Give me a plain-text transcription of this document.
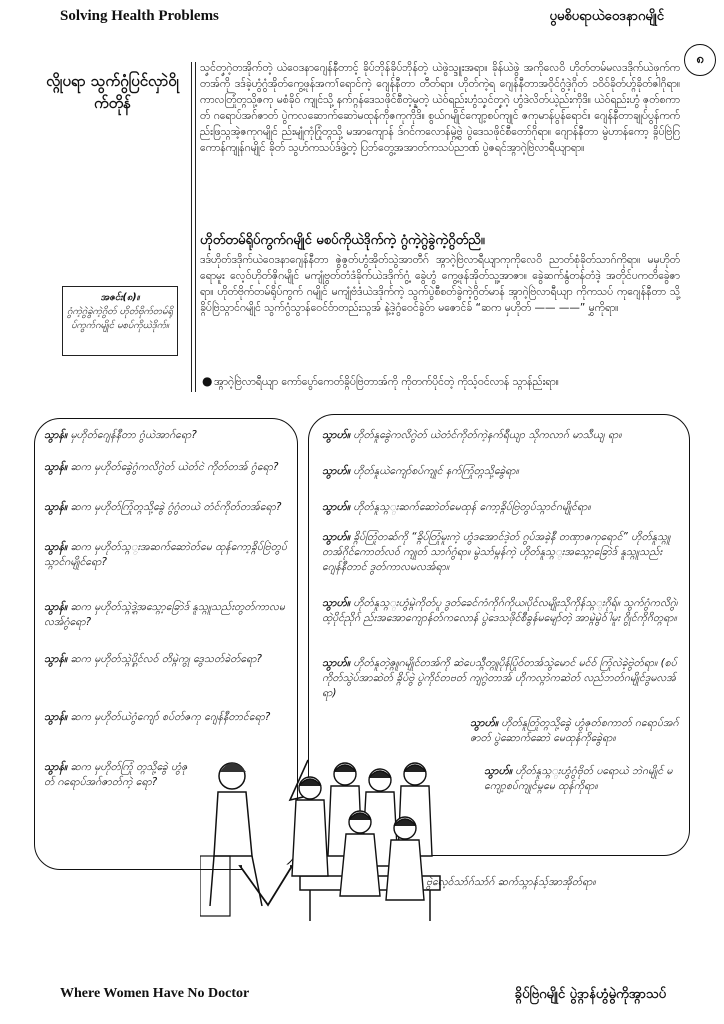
Solving Health Problems	ပွမစိပရာယဲ၀ေဒနာဂမျိုင်
၈
လ္ဂိုပရာ သွက်ဂွံပြင်လှာဲ၀ိုက်တိုန်
သၞင်တၞဂဲ့တအိုက်တဲ့ ယဲဝေဒနာဂျေန်နီတာင့် ခိုပ်ဘိုန်ခိုပ်ဘိုန်တဲ့ ယဲဖွဲသ္ဒူးအရာ။ ခိုန်ယဲဖွဲ အကိုလေဝိ ဟိုတ်တမ်မလဒဒိုက်ယဲဖုက်ကတအ်ကို ဒဒ်ခဲ့ဟွံဂွံအိုတ်ကွေ့ဖုန်အကၢ်ရောင်ကဲ့ ဂျေန်နီတာ တီတ်ရာ။ ဟိုတ်ကဲ့ရ ဂျေန်နီတာအဝိုင်ဂွံဒဲ့ဂိုတ် ၁ဝိဝ်ခိုတ်ဟ္ဂ်ခိုတ်ဇါဂိုရာ။ ကာလတြုံတ္ဂသို့ဇကု မစံခိုဝ် ကျုင်သို့ နက်ဂ္ဂန်ဒေသဖိုင်စီတဲ့မ္နတဲ့ ယဲဝ်ရည်းဟွံသၞင်တၞဂဲ့ ဟွံဒဲလိတ်ယဲ့ည်းကိုဒိ။ ယဲဝ်ရည်းဟွံ ဇုတ်စကာတ် ဂရောပ်အဂ်ဇာတ် ပွဲကလဆောက်ဆောဲမထုန်ကိုဇကုကိုဒိ။ စွယ်ဂမျိုင်ကျော့စပ်ကျုင် ဇကုမာန်ပွန်ရောင်။ ဂျေန်နီတာချုပ်ပွန်ကက် ည်းဖြသ္ဂအဲ့ဇကုဂမျိုင် ည်းမျုံကုံဂြုံတ္ဂသို့ မအာကျောန် ဒ်ဂင်ကလောန်မ္ဂဲ့ဗွဲ ပွဲဒေသဖိုင်စီတော်ဂိုရာ။ ဂျောန်နီတာ မွဲဟာန်ကော့ ခ္ဂိပ်ဗြဲဂြကောန်ကျုန်ဂမျိုင် ခိုတ် သွဟ်ကသပ်ဒ်ဖွဲ့တဲ့ ပြဘ်တွေ့အအာတ်ကသပ်ညာဏ် ပွဲဇရင်အ္ဂာဂဲ့ဗြဲလာရီယျာရာ။
ဟိုတ်တမ်ရိုပ်ကွက်ဂမျိုင် မစပ်ကိုယဲဒိုက်ကဲ့ ဂွံကဲ့ဂွဲခွဲကဲ့ဂွိတ်ညိ။
ဒဒ်ဟိုတ်ဒဒိုက်ယဲဝေဒနာဂျေန်နီတာ ဇွဲဇွတ်ဟွံအိုတ်သွဲအာတီဂ် အ္ဂာဂဲ့ဗြဲလာရီယျာကုကိုလေဝိ ညာတ်စုံခိုတ်သာဂ်ကိုရာ။ မမှဟိုတ်ရောမူး လေ့ဝ်ဟိုတ်ဇိုဂမျိုင် မကျုံဗွတ်တံဒံခိုက်ယဲဒဒိုက်ဂွံ့ ခွေဲဟွံ ကွေ့ဖုန်အိုတ်သူ့အာဇာ။ ခွေဲဆက်နွံတန်တံဒဲ့ အတိုင်ပကတိခွေဲဇာရာ။ ဟိုတ်ဗိုက်တမ်ရိုပ်ကွက် ဂမျိုင် မကျုံဗံဒံယဲဒဒိုက်ကဲ့ သွက်ပွဲစီစတ်ခွဲကဲ့ဂွိတ်မာန် အ္ဂာဂဲ့ဗြဲလာရီယျာ ကိုကသပ် ကုဂျေန်နီတာ သို့ခ္ဂိပ်ဗြဲသ္ဂာင်ဂမျိုင် သွက်ဂွံသွာန်ဝေင်ဝ်ာတည်းသ္ဂအ် နဲ့ဒဲ့ဂွံဝေင်ခွဲဝ်ာ မဇောင်ခ် “ဆက မှဟိုတ် —— ——” မွှကိုရာ။
အဇင်း(၈)။
ဂွံကဲ့ဂွဲခွဲကဲ့ဂွိတ် ဟိုတ်ဗိုက်တမ်ရိုပ်ကွက်ဂမျိုင် မစပ်ကိုယဲဒိုက်။
● အ္ဂာဂဲ့ဗြဲလာရီယျာ ကော်ပွော်ကေတ်ခ္ဂိပ်ဗြဲတာအ်ကို ကိုတက်ပိုင်တဲ့ ကိုသ့်ဝင်လာန် သ္ဂာန်ည်းရာ။
သွာန်။ မှဟိုတ်ဂျေန်နီတာ ဂွံယဲအာဂ်ရော?
သွာန်။ ဆက မှဟိုတ်ခွေဲဂွံကလိဂွဲတ် ယဲတ်ငဲ ကိုတ်တအ် ဂွံရော?
သွာန်။ ဆက မှဟိုတ်ကြုံတ္ဂသို့ခွေဲ ဂွံဂွံတယဲ တံင်ကိုတ်တအ်ရော?
သွာန်။ ဆက မှဟိုတ်သ္ဂ္းအဆက်ဆောဲတ်မေ ထုန်ကော့ခ္ဂိပ်ဗြဲတွပ်သ္ဂာင်ဂမျိုင်ရော?
သွာန်။ ဆက မှဟိုတ်သ္ဂ္ဂဲဒဲ့အသ္ဂော့ခြောဲဒ် နူသ္ဂူသည်းတွတ်ကာလမလအ်ဂွံရော?
သွာန်။ ဆက မှဟိုတ်သ္ဂ္ဂဲပိုင်လဝ် တိမ္ဂဲကွု ဒွေသတ်ခဲတ်ရော?
သွာန်။ ဆက မှဟိုတ်ယဲဂွံကျော် စပ်တ်ဇကု ဂျေန်နီတာင်ရော?
သွာန်။ ဆက မှဟိုတ်ကြုံ တ္ဂသို့ခွေဲ ဟွံဇုတ် ဂရောပ်အဂ်ဇာတ်ကဲ့ ရော?
သွာဟ်။ ဟိုတ်နူခွေဲကလိဂွဲတ် ယဲတံင်ကိုတ်ကဲ့နက်ရီယျာ သိုကလာဂ် မာသီယျ ရာ။
သွာဟ်။ ဟိုတ်နူယဲကျော်စပ်ကျုင် နက်ကြုံတ္ဂသို့ခွေဲရာ။
သွာဟ်။ ဟိုတ်နူသ္ဂ္းဆက်ဆောဲတ်မေထုန် ကော့ခ္ဂိပ်ဗြဲတွပ်သ္ဂာင်ဂမျိုင်ရာ။
သွာဟ်။ ခ္ဂိပ်တြုံတဆ်ကို “ခ္ဂိပ်တြုံမူးကဲ့ ဟွံဒအောင်ဒဲ့တ် ဂွပ်အခဲ့နီ တဏှာဇကုရောင်” ဟိုတ်နူသ္ဂူတအ်ဂိုင်ကောတ်လဝ် ကျုတ် သာဂ်ဂွံရာ။ မွဲသာ်မ္ဂန်ကဲ့ ဟိုတ်နူသ္ဂ္းအသ္ဂော့ခြောဲဒ် နူသ္ဂူသည်း ဂျေန်နီတာင် ဒွတ်ကာလမလအ်ရာ။
သွာဟ်။ ဟိုတ်နူသ္ဂ္းဟွံမ္ဂဲကိုတ်ပူ ဒွတ်ခေင်ကံကိုဂ်ကိုယ၊ပိုင်လမျိုးသိုကိုန်သ္ဂ္းဂိုရ်။ သွက်ဂွံကလိဂွဲ၊ထဲ့ပိုင်ညိုဂ် ည်းအအောကျောန်တ်ကလောန် ပွဲဒေသဖိုင်စီခွန်မမျော်တဲ့ အာမ္ဂဲမွဲဝ်ါမူး ဂွိုင်ကိုဂိတ္ဂရာ။
သွာဟ်။ ဟိုတ်နူတဲ့ဇ္ဂူဂမျိုင်တအ်ကို ဆဲပေသ္ဂီတ္ဂူပိုန်ပြုံဝ်တအ်သွဲမောင် မင်ဝ် ကြုံလဲခဲ့ဗွဲတ်ရာ။ (စပ်ကိုတ်သွဲပ်အာဆဲတ် ခ္ဂိပ်ဗွဲ ပွဲကိုင်တဗတ် ကျဂွဲတာအ် ဟိုကလ္ဂာဲကဆဲတ် လည်ဘတ်ဂမျိုင်ဒွမလအ်ရာ)
သွာဟ်။ ဟိုတ်နူတြုံတ္ဂသို့ခွေဲ ဟွံဇုတ်စကာတ် ဂရောပ်အဂ်ဇာတ် ပွဲဆောက်ဆောဲ မေထုန်ကိုခွေဲရာ။
သွာဟ်။ ဟိုတ်နူသ္ဂ္းဟွံဂွံဗိုတ် ပရောယဲ ဘဲဂမျိုင် မကျော့စပ်ကျုင်မ္ဂမေ ထုန်ကိုရာ။
ဗွဲလေ့ဝ်သာ်ဂ်သာ်ဂ် ဆက်သ္ဂာန်သ့်အာအိုတ်ရာ။
Where Women Have No Doctor	ခ္ဂိပ်ဗြဲဂမျိုင် ပွဲဒ္ဂာန်ဟွံမွဲကိုအ္ဂာသပ်
